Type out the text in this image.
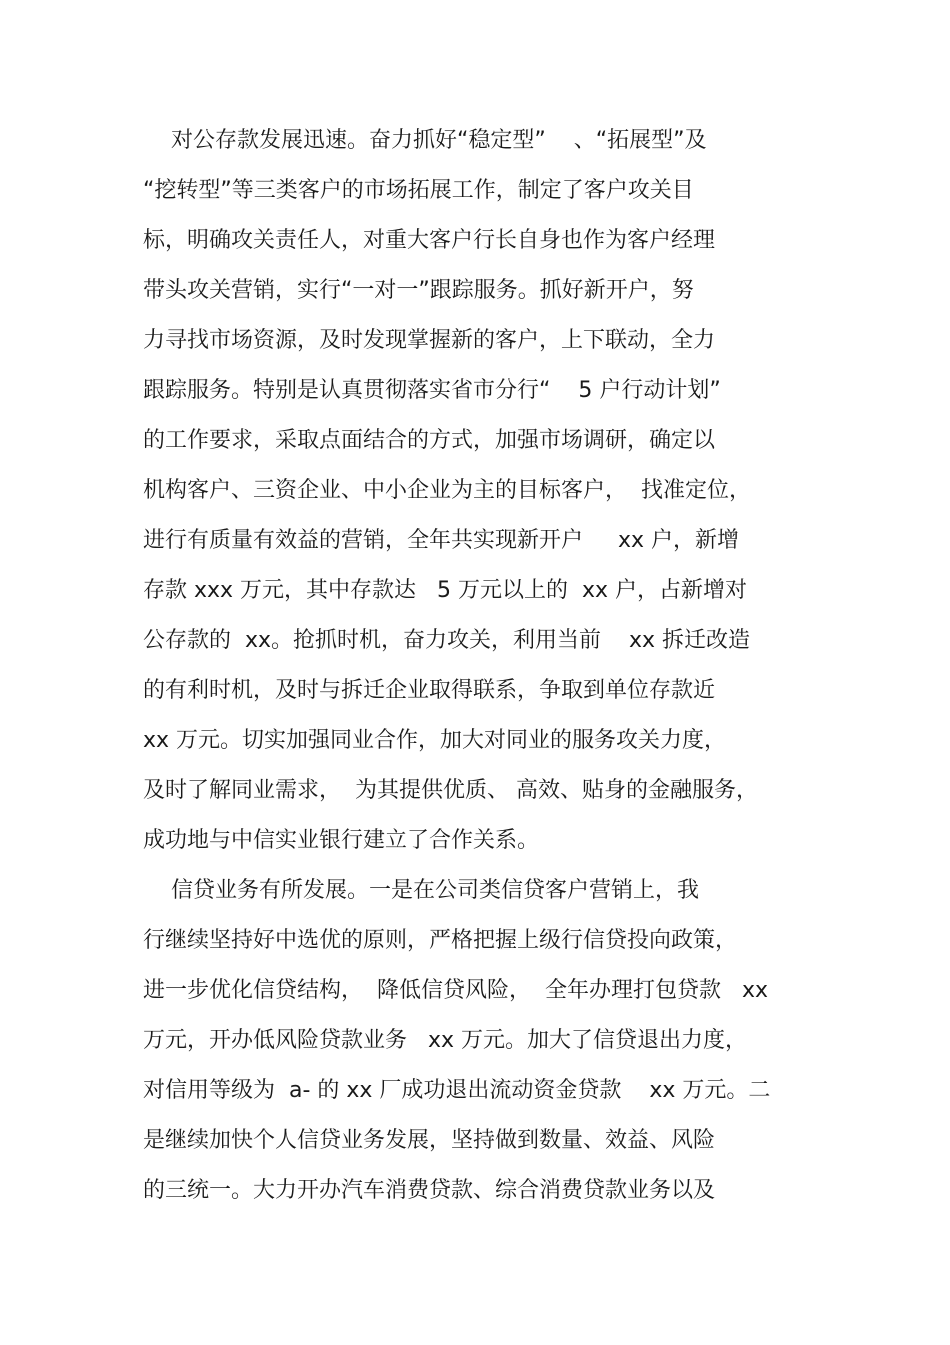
对公存款发展迅速。奋力抓好“稳定型”    、“拓展型”及
“挖转型”等三类客户的市场拓展工作，制定了客户攻关目
标，明确攻关责任人，对重大客户行长自身也作为客户经理
带头攻关营销，实行“一对一”跟踪服务。抓好新开户，努
力寻找市场资源，及时发现掌握新的客户，上下联动，全力
跟踪服务。特别是认真贯彻落实省市分行“    5 户行动计划”
的工作要求，采取点面结合的方式，加强市场调研，确定以
机构客户、三资企业、中小企业为主的目标客户，  找准定位，
进行有质量有效益的营销，全年共实现新开户     xx 户，新增
存款 xxx 万元，其中存款达   5 万元以上的  xx 户，占新增对
公存款的  xx。抢抓时机，奋力攻关，利用当前    xx 拆迁改造
的有利时机，及时与拆迁企业取得联系，争取到单位存款近
xx 万元。切实加强同业合作，加大对同业的服务攻关力度，
及时了解同业需求，  为其提供优质、 高效、贴身的金融服务，
成功地与中信实业银行建立了合作关系。
信贷业务有所发展。一是在公司类信贷客户营销上，我
行继续坚持好中选优的原则，严格把握上级行信贷投向政策，
进一步优化信贷结构，  降低信贷风险，  全年办理打包贷款   xx
万元，开办低风险贷款业务   xx 万元。加大了信贷退出力度，
对信用等级为  a- 的 xx 厂成功退出流动资金贷款    xx 万元。二
是继续加快个人信贷业务发展，坚持做到数量、效益、风险
的三统一。大力开办汽车消费贷款、综合消费贷款业务以及
